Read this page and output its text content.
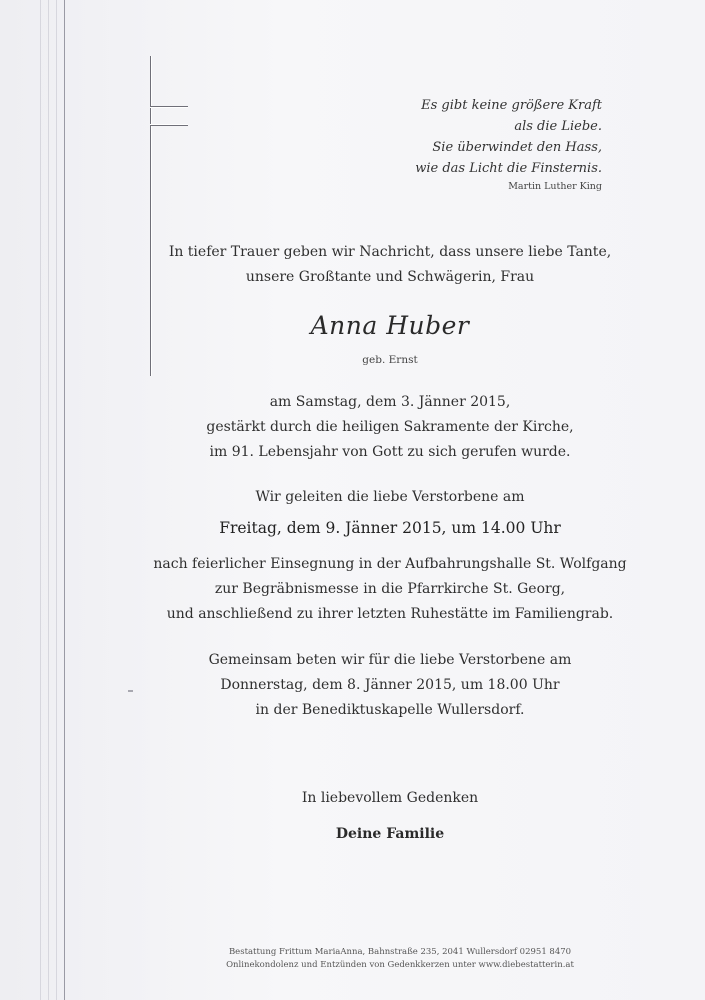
Es gibt keine größere Kraft
als die Liebe.
Sie überwindet den Hass,
wie das Licht die Finsternis.
Martin Luther King
In tiefer Trauer geben wir Nachricht, dass unsere liebe Tante,
unsere Großtante und Schwägerin, Frau
Anna Huber
geb. Ernst
am Samstag, dem 3. Jänner 2015,
gestärkt durch die heiligen Sakramente der Kirche,
im 91. Lebensjahr von Gott zu sich gerufen wurde.
Wir geleiten die liebe Verstorbene am
Freitag, dem 9. Jänner 2015, um 14.00 Uhr
nach feierlicher Einsegnung in der Aufbahrungshalle St. Wolfgang
zur Begräbnismesse in die Pfarrkirche St. Georg,
und anschließend zu ihrer letzten Ruhestätte im Familiengrab.
Gemeinsam beten wir für die liebe Verstorbene am
Donnerstag, dem 8. Jänner 2015, um 18.00 Uhr
in der Benediktuskapelle Wullersdorf.
In liebevollem Gedenken
Deine Familie
Bestattung Frittum MariaAnna, Bahnstraße 235, 2041 Wullersdorf 02951 8470
Onlinekondolenz und Entzünden von Gedenkkerzen unter www.diebestatterin.at
